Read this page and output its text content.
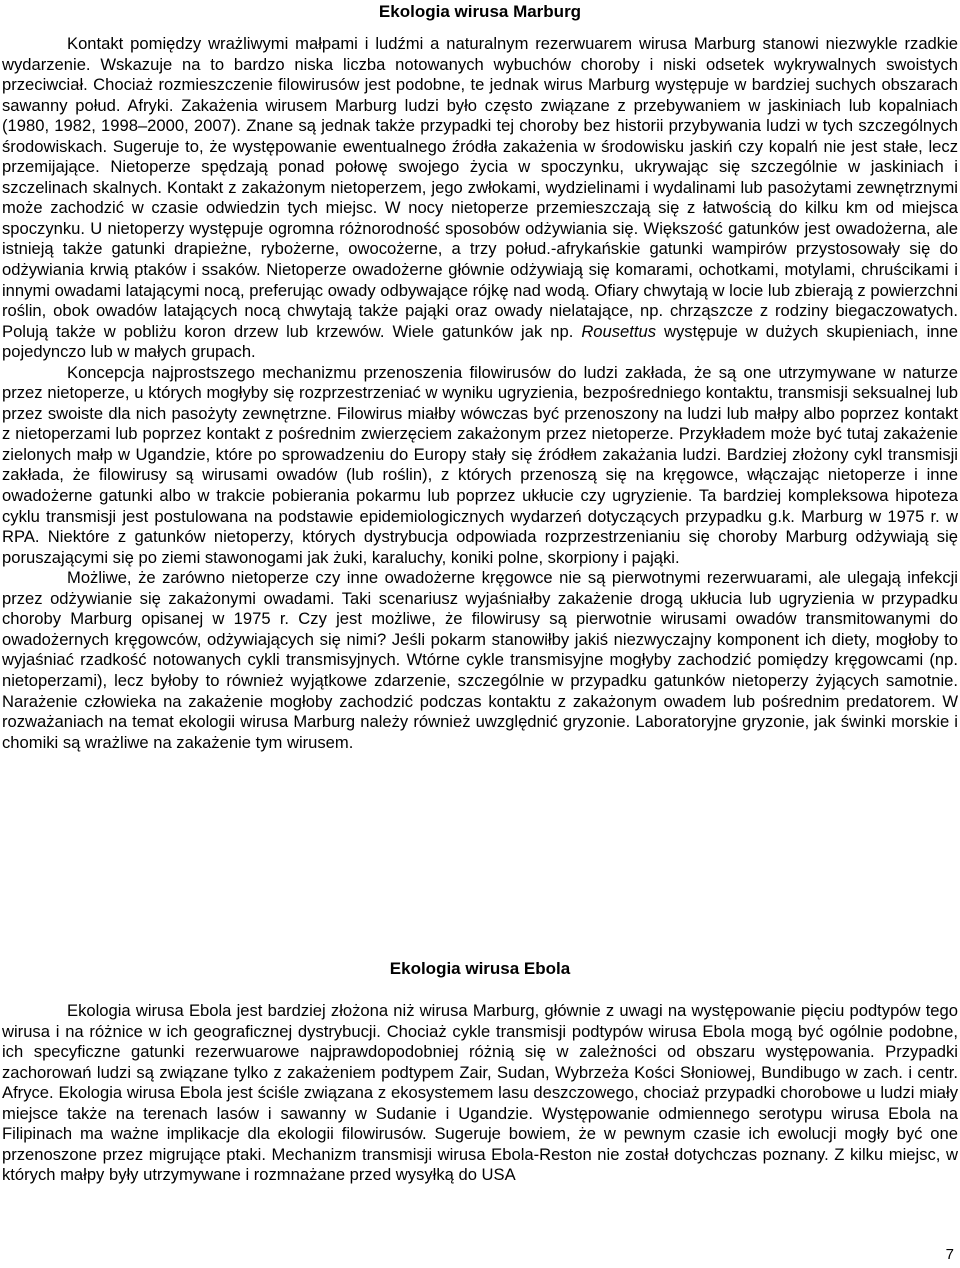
Ekologia wirusa Marburg

Kontakt pomiędzy wrażliwymi małpami i ludźmi a naturalnym rezerwuarem wirusa Marburg stanowi niezwykle rzadkie wydarzenie. Wskazuje na to bardzo niska liczba notowanych wybuchów choroby i niski odsetek wykrywalnych swoistych przeciwciał. Chociaż rozmieszczenie filowirusów jest podobne, te jednak wirus Marburg występuje w bardziej suchych obszarach sawanny połud. Afryki. Zakażenia wirusem Marburg ludzi było często związane z przebywaniem w jaskiniach lub kopalniach (1980, 1982, 1998–2000, 2007). Znane są jednak także przypadki tej choroby bez historii przybywania ludzi w tych szczególnych środowiskach. Sugeruje to, że występowanie ewentualnego źródła zakażenia w środowisku jaskiń czy kopalń nie jest stałe, lecz przemijające. Nietoperze spędzają ponad połowę swojego życia w spoczynku, ukrywając się szczególnie w jaskiniach i szczelinach skalnych. Kontakt z zakażonym nietoperzem, jego zwłokami, wydzielinami i wydalinami lub pasożytami zewnętrznymi może zachodzić w czasie odwiedzin tych miejsc. W nocy nietoperze przemieszczają się z łatwością do kilku km od miejsca spoczynku. U nietoperzy występuje ogromna różnorodność sposobów odżywiania się. Większość gatunków jest owadożerna, ale istnieją także gatunki drapieżne, rybożerne, owocożerne, a trzy połud.-afrykańskie gatunki wampirów przystosowały się do odżywiania krwią ptaków i ssaków. Nietoperze owadożerne głównie odżywiają się komarami, ochotkami, motylami, chruścikami i innymi owadami latającymi nocą, preferując owady odbywające rójkę nad wodą. Ofiary chwytają w locie lub zbierają z powierzchni roślin, obok owadów latających nocą chwytają także pająki oraz owady nielatające, np. chrząszcze z rodziny biegaczowatych. Polują także w pobliżu koron drzew lub krzewów. Wiele gatunków jak np. Rousettus występuje w dużych skupieniach, inne pojedynczo lub w małych grupach.

Koncepcja najprostszego mechanizmu przenoszenia filowirusów do ludzi zakłada, że są one utrzymywane w naturze przez nietoperze, u których mogłyby się rozprzestrzeniać w wyniku ugryzienia, bezpośredniego kontaktu, transmisji seksualnej lub przez swoiste dla nich pasożyty zewnętrzne. Filowirus miałby wówczas być przenoszony na ludzi lub małpy albo poprzez kontakt z nietoperzami lub poprzez kontakt z pośrednim zwierzęciem zakażonym przez nietoperze. Przykładem może być tutaj zakażenie zielonych małp w Ugandzie, które po sprowadzeniu do Europy stały się źródłem zakażania ludzi. Bardziej złożony cykl transmisji zakłada, że filowirusy są wirusami owadów (lub roślin), z których przenoszą się na kręgowce, włączając nietoperze i inne owadożerne gatunki albo w trakcie pobierania pokarmu lub poprzez ukłucie czy ugryzienie. Ta bardziej kompleksowa hipoteza cyklu transmisji jest postulowana na podstawie epidemiologicznych wydarzeń dotyczących przypadku g.k. Marburg w 1975 r. w RPA. Niektóre z gatunków nietoperzy, których dystrybucja odpowiada rozprzestrzenianiu się choroby Marburg odżywiają się poruszającymi się po ziemi stawonogami jak żuki, karaluchy, koniki polne, skorpiony i pająki.

Możliwe, że zarówno nietoperze czy inne owadożerne kręgowce nie są pierwotnymi rezerwuarami, ale ulegają infekcji przez odżywianie się zakażonymi owadami. Taki scenariusz wyjaśniałby zakażenie drogą ukłucia lub ugryzienia w przypadku choroby Marburg opisanej w 1975 r. Czy jest możliwe, że filowirusy są pierwotnie wirusami owadów transmitowanymi do owadożernych kręgowców, odżywiających się nimi? Jeśli pokarm stanowiłby jakiś niezwyczajny komponent ich diety, mogłoby to wyjaśniać rzadkość notowanych cykli transmisyjnych. Wtórne cykle transmisyjne mogłyby zachodzić pomiędzy kręgowcami (np. nietoperzami), lecz byłoby to również wyjątkowe zdarzenie, szczególnie w przypadku gatunków nietoperzy żyjących samotnie. Narażenie człowieka na zakażenie mogłoby zachodzić podczas kontaktu z zakażonym owadem lub pośrednim predatorem. W rozważaniach na temat ekologii wirusa Marburg należy również uwzględnić gryzonie. Laboratoryjne gryzonie, jak świnki morskie i chomiki są wrażliwe na zakażenie tym wirusem.

Ekologia wirusa Ebola

Ekologia wirusa Ebola jest bardziej złożona niż wirusa Marburg, głównie z uwagi na występowanie pięciu podtypów tego wirusa i na różnice w ich geograficznej dystrybucji. Chociaż cykle transmisji podtypów wirusa Ebola mogą być ogólnie podobne, ich specyficzne gatunki rezerwuarowe najprawdopodobniej różnią się w zależności od obszaru występowania. Przypadki zachorowań ludzi są związane tylko z zakażeniem podtypem Zair, Sudan, Wybrzeża Kości Słoniowej, Bundibugo w zach. i centr. Afryce. Ekologia wirusa Ebola jest ściśle związana z ekosystemem lasu deszczowego, chociaż przypadki chorobowe u ludzi miały miejsce także na terenach lasów i sawanny w Sudanie i Ugandzie. Występowanie odmiennego serotypu wirusa Ebola na Filipinach ma ważne implikacje dla ekologii filowirusów. Sugeruje bowiem, że w pewnym czasie ich ewolucji mogły być one przenoszone przez migrujące ptaki. Mechanizm transmisji wirusa Ebola-Reston nie został dotychczas poznany. Z kilku miejsc, w których małpy były utrzymywane i rozmnażane przed wysyłką do USA

7
